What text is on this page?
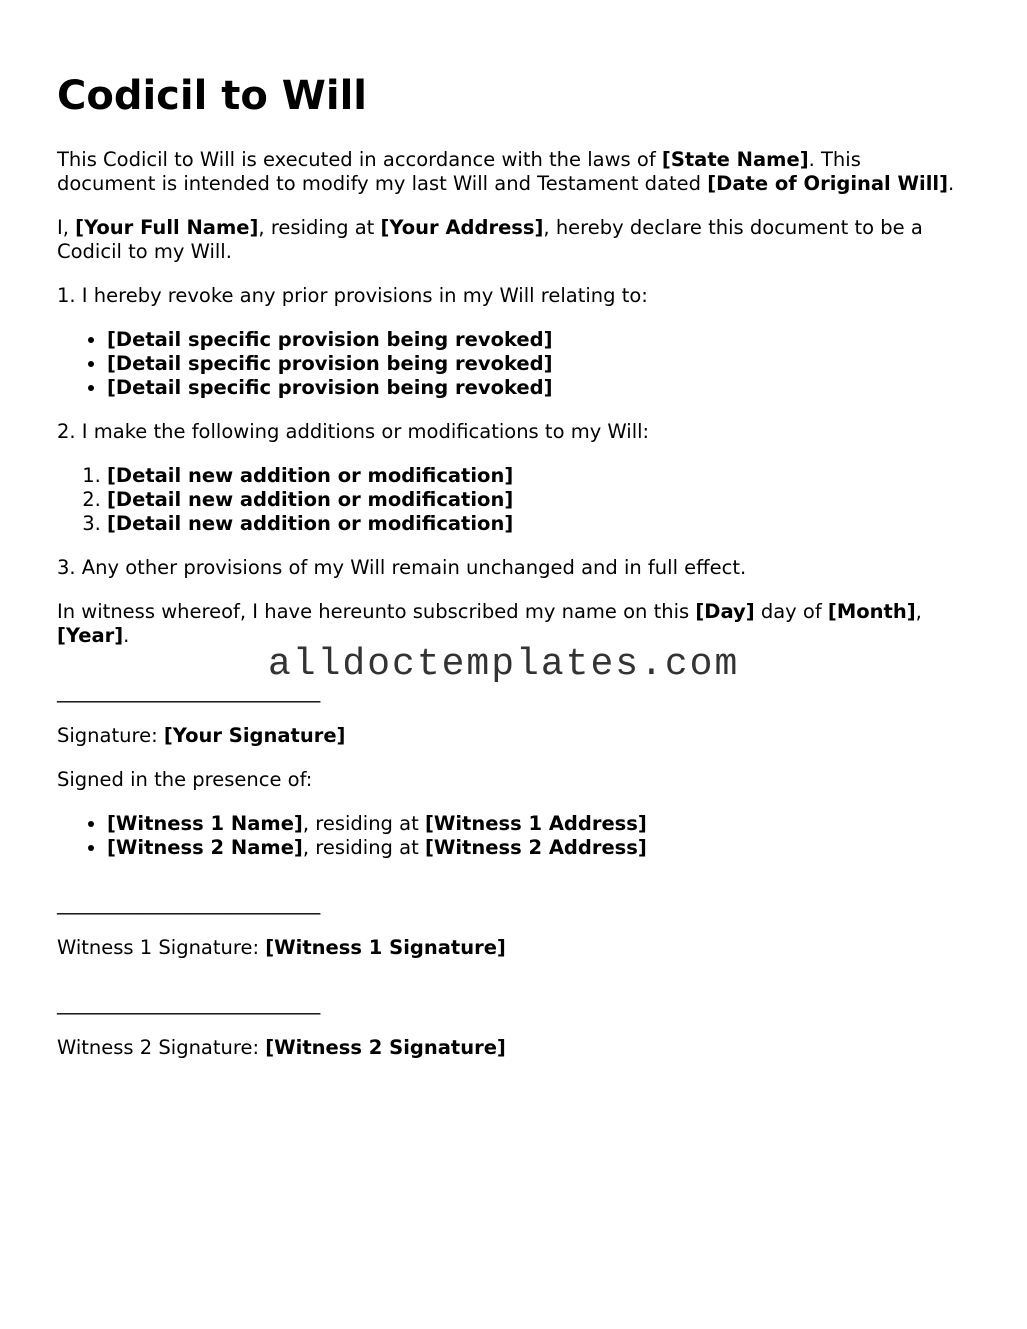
Codicil to Will

This Codicil to Will is executed in accordance with the laws of [State Name]. This document is intended to modify my last Will and Testament dated [Date of Original Will].

I, [Your Full Name], residing at [Your Address], hereby declare this document to be a Codicil to my Will.

1. I hereby revoke any prior provisions in my Will relating to:

• [Detail specific provision being revoked]
• [Detail specific provision being revoked]
• [Detail specific provision being revoked]

2. I make the following additions or modifications to my Will:

1. [Detail new addition or modification]
2. [Detail new addition or modification]
3. [Detail new addition or modification]

3. Any other provisions of my Will remain unchanged and in full effect.

In witness whereof, I have hereunto subscribed my name on this [Day] day of [Month],
[Year].

___________________________

Signature: [Your Signature]

Signed in the presence of:

• [Witness 1 Name], residing at [Witness 1 Address]
• [Witness 2 Name], residing at [Witness 2 Address]

___________________________

Witness 1 Signature: [Witness 1 Signature]

___________________________

Witness 2 Signature: [Witness 2 Signature]

alldoctemplates.com
